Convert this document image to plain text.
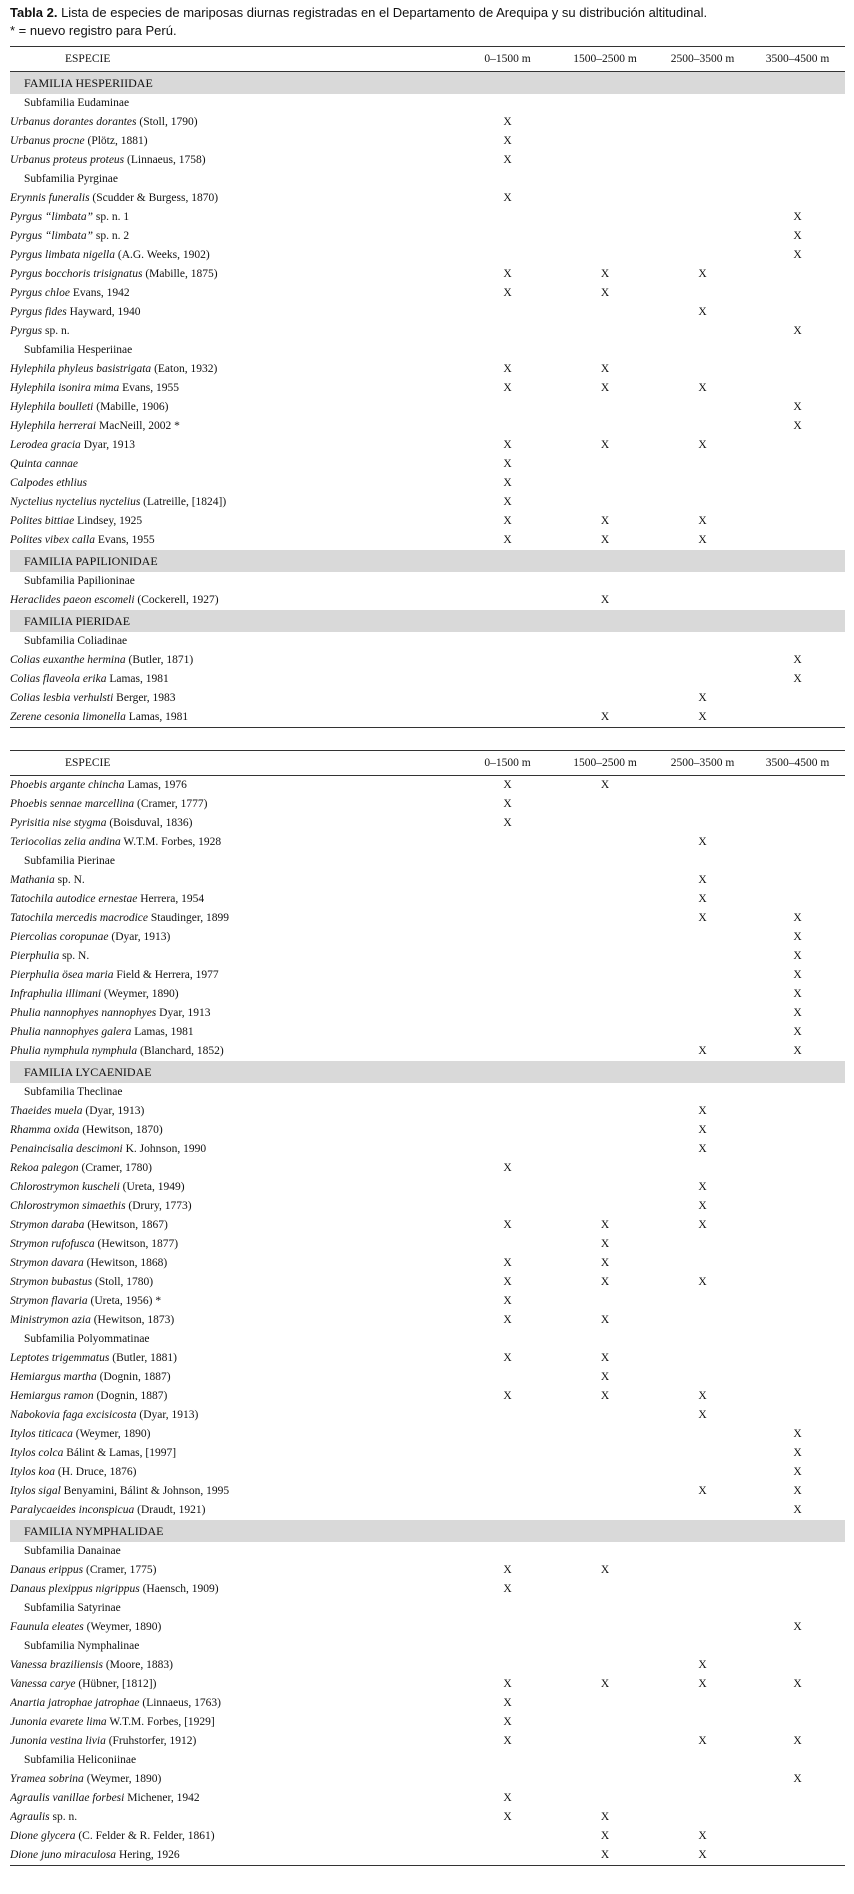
Tabla 2. Lista de especies de mariposas diurnas registradas en el Departamento de Arequipa y su distribución altitudinal.
* = nuevo registro para Perú.
ESPECIE	0–1500 m	1500–2500 m	2500–3500 m	3500–4500 m
FAMILIA HESPERIIDAE				
Subfamilia Eudaminae				
Urbanus dorantes dorantes (Stoll, 1790)	X			
Urbanus procne (Plötz, 1881)	X			
Urbanus proteus proteus (Linnaeus, 1758)	X			
Subfamilia Pyrginae				
Erynnis funeralis (Scudder & Burgess, 1870)	X			
Pyrgus “limbata” sp. n. 1				X
Pyrgus “limbata” sp. n. 2				X
Pyrgus limbata nigella (A.G. Weeks, 1902)				X
Pyrgus bocchoris trisignatus (Mabille, 1875)	X	X	X	
Pyrgus chloe Evans, 1942	X	X		
Pyrgus fides Hayward, 1940			X	
Pyrgus sp. n.				X
Subfamilia Hesperiinae				
Hylephila phyleus basistrigata (Eaton, 1932)	X	X		
Hylephila isonira mima Evans, 1955	X	X	X	
Hylephila boulleti (Mabille, 1906)				X
Hylephila herrerai MacNeill, 2002 *				X
Lerodea gracia Dyar, 1913	X	X	X	
Quinta cannae	X			
Calpodes ethlius	X			
Nyctelius nyctelius nyctelius (Latreille, [1824])	X			
Polites bittiae Lindsey, 1925	X	X	X	
Polites vibex calla Evans, 1955	X	X	X	
FAMILIA PAPILIONIDAE				
Subfamilia Papilioninae				
Heraclides paeon escomeli (Cockerell, 1927)		X		
FAMILIA PIERIDAE				
Subfamilia Coliadinae				
Colias euxanthe hermina (Butler, 1871)				X
Colias flaveola erika Lamas, 1981				X
Colias lesbia verhulsti Berger, 1983			X	
Zerene cesonia limonella Lamas, 1981		X	X	
ESPECIE	0–1500 m	1500–2500 m	2500–3500 m	3500–4500 m
Phoebis argante chincha Lamas, 1976	X	X		
Phoebis sennae marcellina (Cramer, 1777)	X			
Pyrisitia nise stygma (Boisduval, 1836)	X			
Teriocolias zelia andina W.T.M. Forbes, 1928			X	
Subfamilia Pierinae				
Mathania sp. N.			X	
Tatochila autodice ernestae Herrera, 1954			X	
Tatochila mercedis macrodice Staudinger, 1899			X	X
Piercolias coropunae (Dyar, 1913)				X
Pierphulia sp. N.				X
Pierphulia ӧsea maria Field & Herrera, 1977				X
Infraphulia illimani (Weymer, 1890)				X
Phulia nannophyes nannophyes Dyar, 1913				X
Phulia nannophyes galera Lamas, 1981				X
Phulia nymphula nymphula (Blanchard, 1852)			X	X
FAMILIA LYCAENIDAE				
Subfamilia Theclinae				
Thaeides muela (Dyar, 1913)			X	
Rhamma oxida (Hewitson, 1870)			X	
Penaincisalia descimoni K. Johnson, 1990			X	
Rekoa palegon (Cramer, 1780)	X			
Chlorostrymon kuscheli (Ureta, 1949)			X	
Chlorostrymon simaethis (Drury, 1773)			X	
Strymon daraba (Hewitson, 1867)	X	X	X	
Strymon rufofusca (Hewitson, 1877)		X		
Strymon davara (Hewitson, 1868)	X	X		
Strymon bubastus (Stoll, 1780)	X	X	X	
Strymon flavaria (Ureta, 1956) *	X			
Ministrymon azia (Hewitson, 1873)	X	X		
Subfamilia Polyommatinae				
Leptotes trigemmatus (Butler, 1881)	X	X		
Hemiargus martha (Dognin, 1887)		X		
Hemiargus ramon (Dognin, 1887)	X	X	X	
Nabokovia faga excisicosta (Dyar, 1913)			X	
Itylos titicaca (Weymer, 1890)				X
Itylos colca Bálint & Lamas, [1997]				X
Itylos koa (H. Druce, 1876)				X
Itylos sigal Benyamini, Bálint & Johnson, 1995			X	X
Paralycaeides inconspicua (Draudt, 1921)				X
FAMILIA NYMPHALIDAE				
Subfamilia Danainae				
Danaus erippus (Cramer, 1775)	X	X		
Danaus plexippus nigrippus (Haensch, 1909)	X			
Subfamilia Satyrinae				
Faunula eleates (Weymer, 1890)				X
Subfamilia Nymphalinae				
Vanessa braziliensis (Moore, 1883)			X	
Vanessa carye (Hübner, [1812])	X	X	X	X
Anartia jatrophae jatrophae (Linnaeus, 1763)	X			
Junonia evarete lima W.T.M. Forbes, [1929]	X			
Junonia vestina livia (Fruhstorfer, 1912)	X		X	X
Subfamilia Heliconiinae				
Yramea sobrina (Weymer, 1890)				X
Agraulis vanillae forbesi Michener, 1942	X			
Agraulis sp. n.	X	X		
Dione glycera (C. Felder & R. Felder, 1861)		X	X	
Dione juno miraculosa Hering, 1926		X	X	
